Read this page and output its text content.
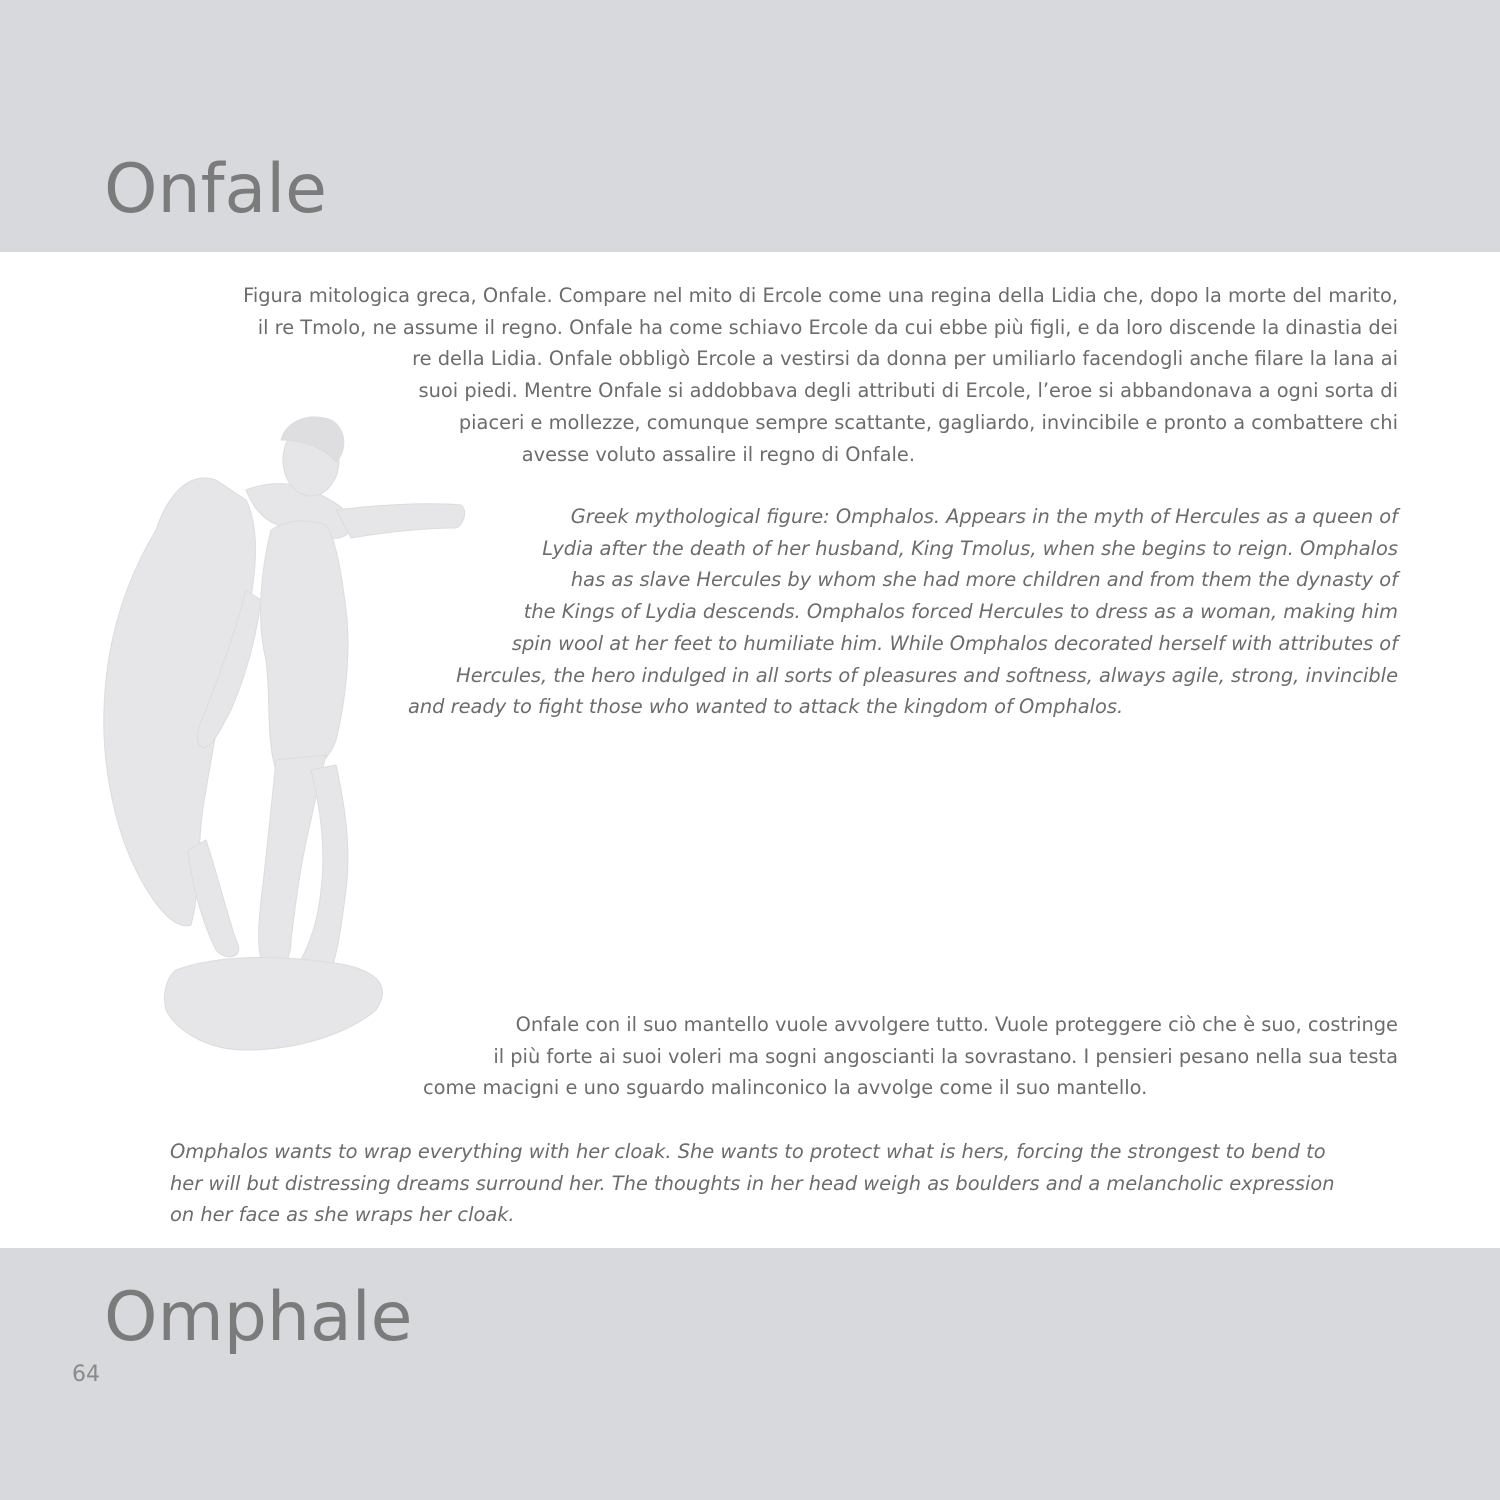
Onfale

Figura mitologica greca, Onfale. Compare nel mito di Ercole come una regina della Lidia che, dopo la morte del marito,
il re Tmolo, ne assume il regno. Onfale ha come schiavo Ercole da cui ebbe più figli, e da loro discende la dinastia dei
re della Lidia. Onfale obbligò Ercole a vestirsi da donna per umiliarlo facendogli anche filare la lana ai
suoi piedi. Mentre Onfale si addobbava degli attributi di Ercole, l’eroe si abbandonava a ogni sorta di
piaceri e mollezze, comunque sempre scattante, gagliardo, invincibile e pronto a combattere chi
avesse voluto assalire il regno di Onfale.

Greek mythological figure: Omphalos. Appears in the myth of Hercules as a queen of
Lydia after the death of her husband, King Tmolus, when she begins to reign. Omphalos
has as slave Hercules by whom she had more children and from them the dynasty of
the Kings of Lydia descends. Omphalos forced Hercules to dress as a woman, making him
spin wool at her feet to humiliate him. While Omphalos decorated herself with attributes of
Hercules, the hero indulged in all sorts of pleasures and softness, always agile, strong, invincible
and ready to fight those who wanted to attack the kingdom of Omphalos.

Onfale con il suo mantello vuole avvolgere tutto. Vuole proteggere ciò che è suo, costringe
il più forte ai suoi voleri ma sogni angoscianti la sovrastano. I pensieri pesano nella sua testa
come macigni e uno sguardo malinconico la avvolge come il suo mantello.

Omphalos wants to wrap everything with her cloak. She wants to protect what is hers, forcing the strongest to bend to
her will but distressing dreams surround her. The thoughts in her head weigh as boulders and a melancholic expression
on her face as she wraps her cloak.

Omphale
64
